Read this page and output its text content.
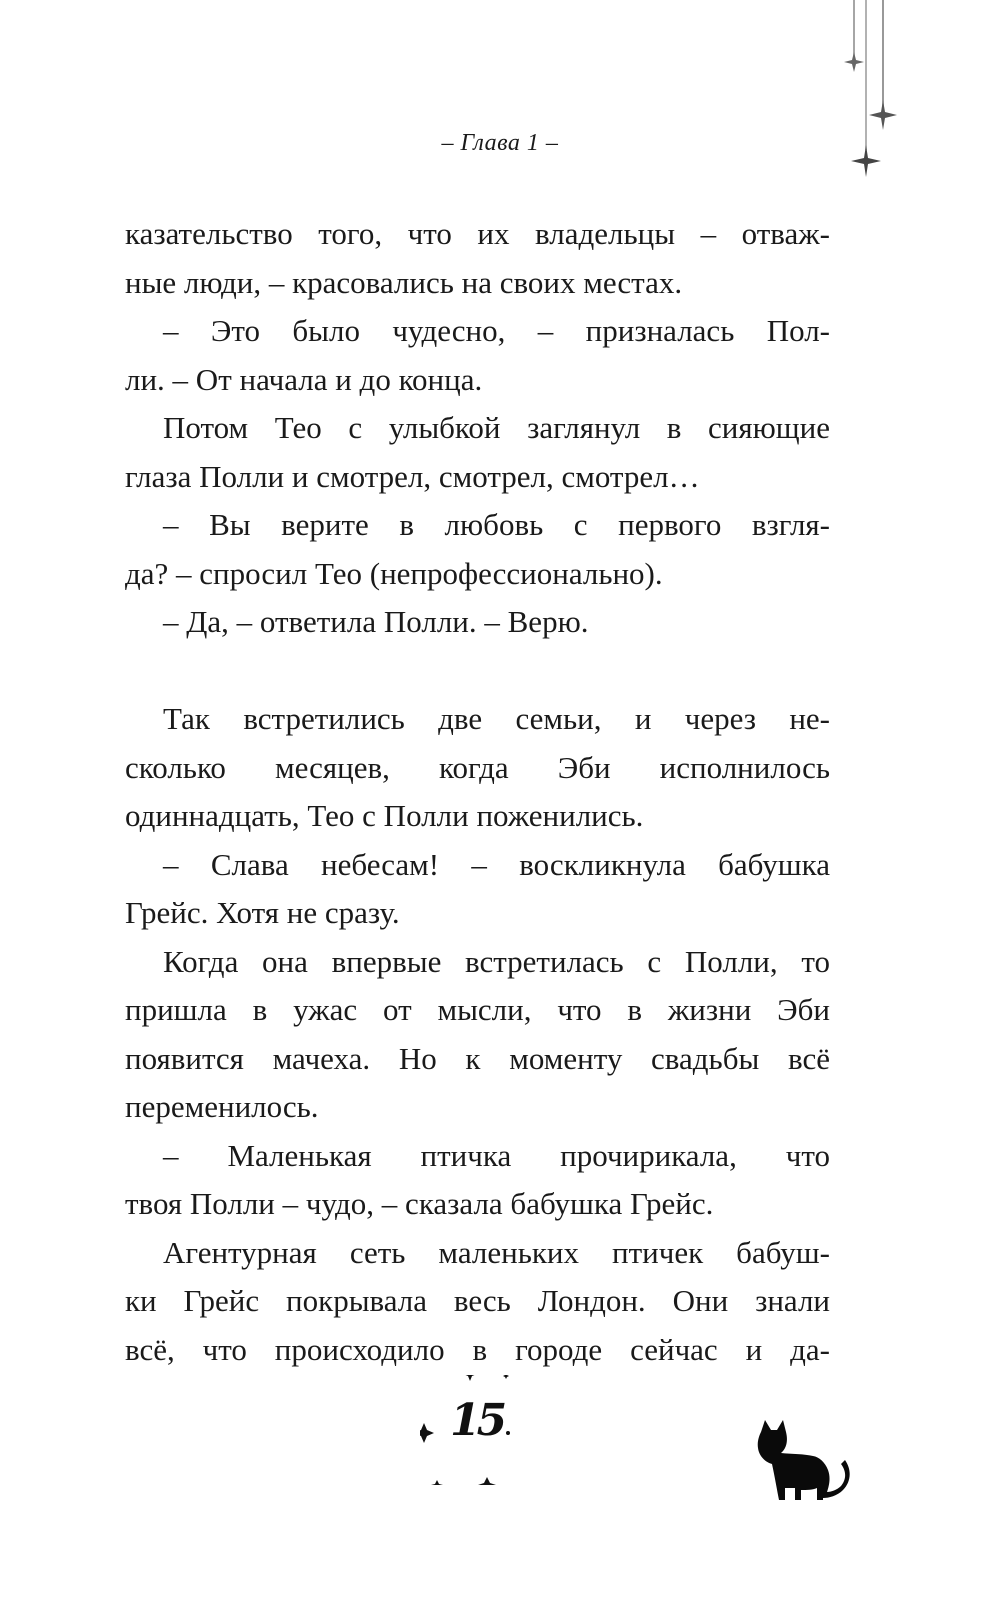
– Глава 1 –

казательство того, что их владельцы – отваж-
ные люди, – красовались на своих местах.

– Это было чудесно, – призналась Пол-
ли. – От начала и до конца.

Потом Тео с улыбкой заглянул в сияющие
глаза Полли и смотрел, смотрел, смотрел…

– Вы верите в любовь с первого взгля-
да? – спросил Тео (непрофессионально).

– Да, – ответила Полли. – Верю.

Так встретились две семьи, и через не-
сколько месяцев, когда Эби исполнилось
одиннадцать, Тео с Полли поженились.

– Слава небесам! – воскликнула бабушка
Грейс. Хотя не сразу.

Когда она впервые встретилась с Полли, то
пришла в ужас от мысли, что в жизни Эби
появится мачеха. Но к моменту свадьбы всё
переменилось.

– Маленькая птичка прочирикала, что
твоя Полли – чудо, – сказала бабушка Грейс.

Агентурная сеть маленьких птичек бабуш-
ки Грейс покрывала весь Лондон. Они знали
всё, что происходило в городе сейчас и да-

15
